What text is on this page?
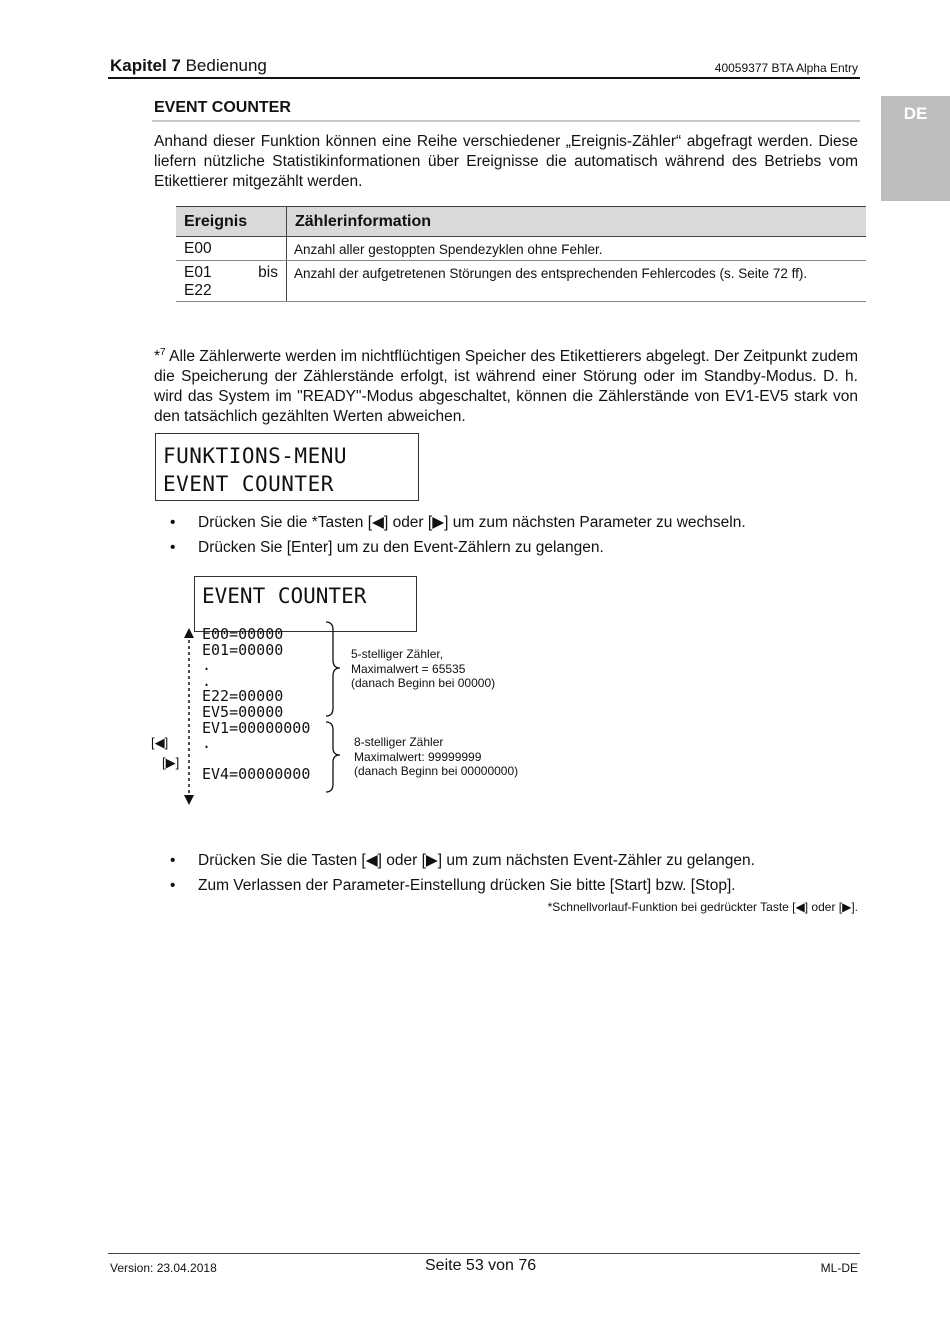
Kapitel 7 Bedienung	40059377 BTA Alpha Entry
DE
EVENT COUNTER
Anhand dieser Funktion können eine Reihe verschiedener „Ereignis-Zähler“ abgefragt werden. Diese liefern nützliche Statistikinformationen über Ereignisse die automatisch während des Betriebs vom Etikettierer mitgezählt werden.
Ereignis	Zählerinformation
E00	Anzahl aller gestoppten Spendezyklen ohne Fehler.

E01 bis
E22	Anzahl der aufgetretenen Störungen des entsprechenden Fehlercodes (s. Seite 72 ff).
*$^7$ Alle Zählerwerte werden im nichtflüchtigen Speicher des Etikettierers abgelegt. Der Zeitpunkt zudem die Speicherung der Zählerstände erfolgt, ist während einer Störung oder im Standby-Modus. D. h. wird das System im "READY"-Modus abgeschaltet, können die Zählerstände von EV1-EV5 stark von den tatsächlich gezählten Werten abweichen.
FUNKTIONS-MENU
EVENT COUNTER
• Drücken Sie die *Tasten [◀] oder [▶] um zum nächsten Parameter zu wechseln.
• Drücken Sie [Enter] um zu den Event-Zählern zu gelangen.
EVENT COUNTER
E00=00000
E01=00000
.
.
E22=00000
EV5=00000
EV1=00000000
.
EV4=00000000
5-stelliger Zähler,
Maximalwert = 65535
(danach Beginn bei 00000)
8-stelliger Zähler
Maximalwert: 99999999
(danach Beginn bei 00000000)
[◀]
[▶]
• Drücken Sie die Tasten [◀] oder [▶] um zum nächsten Event-Zähler zu gelangen.
• Zum Verlassen der Parameter-Einstellung drücken Sie bitte [Start] bzw. [Stop].
*Schnellvorlauf-Funktion bei gedrückter Taste [◀] oder [▶].
Version: 23.04.2018	Seite 53 von 76	ML-DE
